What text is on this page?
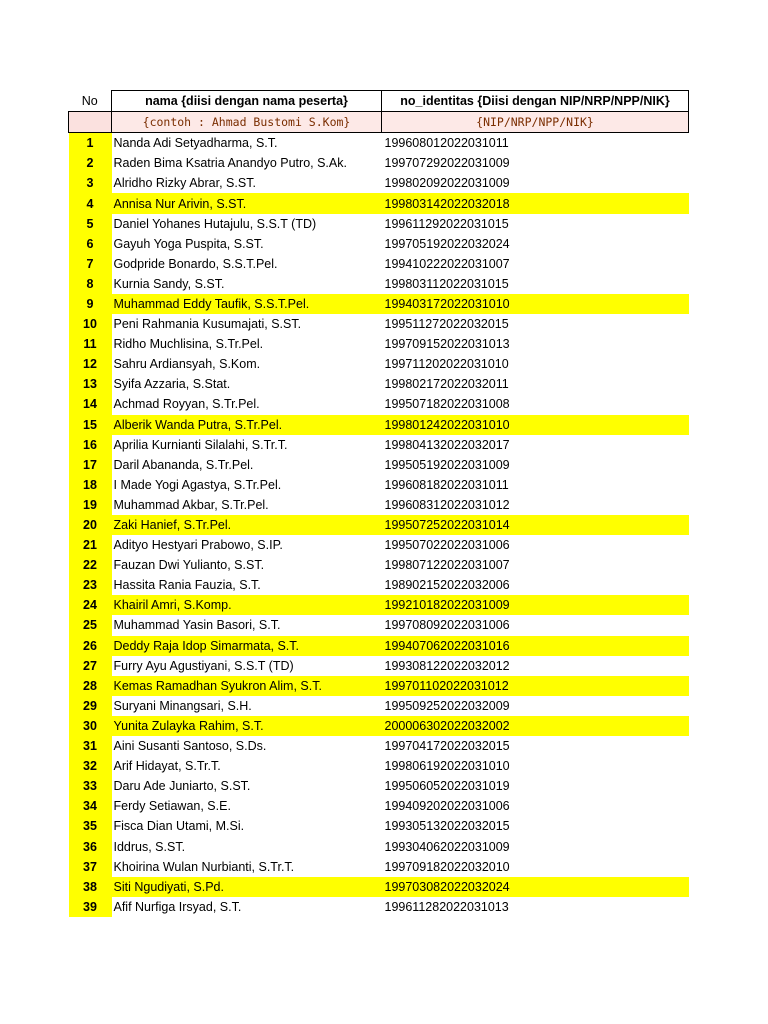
No	nama {diisi dengan nama peserta}	no_identitas {Diisi dengan NIP/NRP/NPP/NIK}
	{contoh : Ahmad Bustomi S.Kom}	{NIP/NRP/NPP/NIK}
1	Nanda Adi Setyadharma, S.T.	199608012022031011
2	Raden Bima Ksatria Anandyo Putro, S.Ak.	199707292022031009
3	Alridho Rizky Abrar, S.ST.	199802092022031009
4	Annisa Nur Arivin, S.ST.	199803142022032018
5	Daniel Yohanes Hutajulu, S.S.T (TD)	199611292022031015
6	Gayuh Yoga Puspita, S.ST.	199705192022032024
7	Godpride Bonardo, S.S.T.Pel.	199410222022031007
8	Kurnia Sandy, S.ST.	199803112022031015
9	Muhammad Eddy Taufik, S.S.T.Pel.	199403172022031010
10	Peni Rahmania Kusumajati, S.ST.	199511272022032015
11	Ridho Muchlisina, S.Tr.Pel.	199709152022031013
12	Sahru Ardiansyah, S.Kom.	199711202022031010
13	Syifa Azzaria, S.Stat.	199802172022032011
14	Achmad Royyan, S.Tr.Pel.	199507182022031008
15	Alberik Wanda Putra, S.Tr.Pel.	199801242022031010
16	Aprilia Kurnianti Silalahi, S.Tr.T.	199804132022032017
17	Daril Abananda, S.Tr.Pel.	199505192022031009
18	I Made Yogi Agastya, S.Tr.Pel.	199608182022031011
19	Muhammad Akbar, S.Tr.Pel.	199608312022031012
20	Zaki Hanief, S.Tr.Pel.	199507252022031014
21	Adityo Hestyari Prabowo, S.IP.	199507022022031006
22	Fauzan Dwi Yulianto, S.ST.	199807122022031007
23	Hassita Rania Fauzia, S.T.	198902152022032006
24	Khairil Amri, S.Komp.	199210182022031009
25	Muhammad Yasin Basori, S.T.	199708092022031006
26	Deddy Raja Idop Simarmata, S.T.	199407062022031016
27	Furry Ayu Agustiyani, S.S.T (TD)	199308122022032012
28	Kemas Ramadhan Syukron Alim, S.T.	199701102022031012
29	Suryani Minangsari, S.H.	199509252022032009
30	Yunita Zulayka Rahim, S.T.	200006302022032002
31	Aini Susanti Santoso, S.Ds.	199704172022032015
32	Arif Hidayat, S.Tr.T.	199806192022031010
33	Daru Ade Juniarto, S.ST.	199506052022031019
34	Ferdy Setiawan, S.E.	199409202022031006
35	Fisca Dian Utami, M.Si.	199305132022032015
36	Iddrus, S.ST.	199304062022031009
37	Khoirina Wulan Nurbianti, S.Tr.T.	199709182022032010
38	Siti Ngudiyati, S.Pd.	199703082022032024
39	Afif Nurfiga Irsyad, S.T.	199611282022031013
